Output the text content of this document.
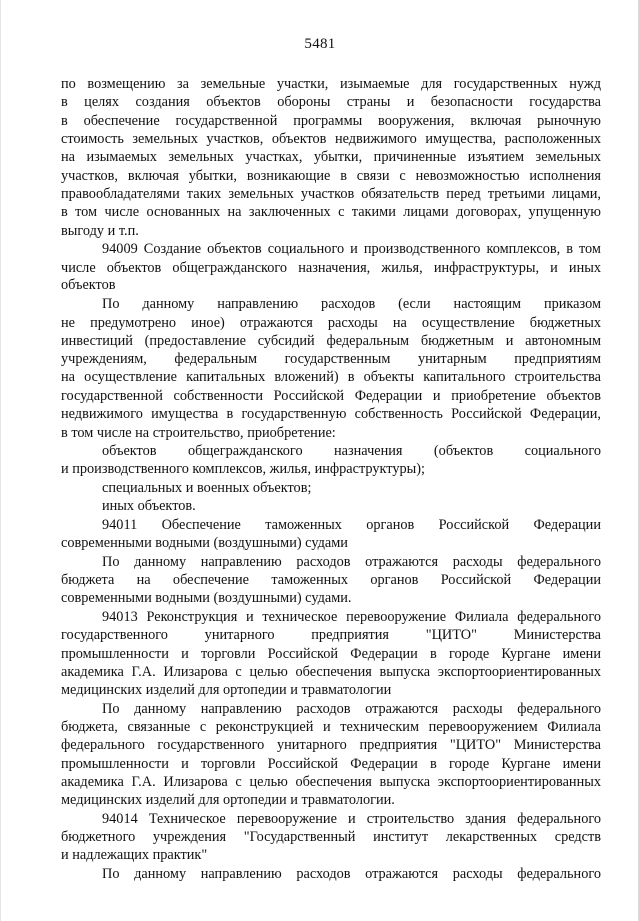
5481
по возмещению за земельные участки, изымаемые для государственных нужд
в целях создания объектов обороны страны и безопасности государства
в обеспечение государственной программы вооружения, включая рыночную
стоимость земельных участков, объектов недвижимого имущества, расположенных
на изымаемых земельных участках, убытки, причиненные изъятием земельных
участков, включая убытки, возникающие в связи с невозможностью исполнения
правообладателями таких земельных участков обязательств перед третьими лицами,
в том числе основанных на заключенных с такими лицами договорах, упущенную
выгоду и т.п.
94009 Создание объектов социального и производственного комплексов, в том
числе объектов общегражданского назначения, жилья, инфраструктуры, и иных
объектов
По данному направлению расходов (если настоящим приказом
не предумотрено иное) отражаются расходы на осуществление бюджетных
инвестиций (предоставление субсидий федеральным бюджетным и автономным
учреждениям, федеральным государственным унитарным предприятиям
на осуществление капитальных вложений) в объекты капитального строительства
государственной собственности Российской Федерации и приобретение объектов
недвижимого имущества в государственную собственность Российской Федерации,
в том числе на строительство, приобретение:
объектов общегражданского назначения (объектов социального
и производственного комплексов, жилья, инфраструктуры);
специальных и военных объектов;
иных объектов.
94011 Обеспечение таможенных органов Российской Федерации
современными водными (воздушными) судами
По данному направлению расходов отражаются расходы федерального
бюджета на обеспечение таможенных органов Российской Федерации
современными водными (воздушными) судами.
94013 Реконструкция и техническое перевооружение Филиала федерального
государственного унитарного предприятия "ЦИТО" Министерства
промышленности и торговли Российской Федерации в городе Кургане имени
академика Г.А. Илизарова с целью обеспечения выпуска экспортоориентированных
медицинских изделий для ортопедии и травматологии
По данному направлению расходов отражаются расходы федерального
бюджета, связанные с реконструкцией и техническим перевооружением Филиала
федерального государственного унитарного предприятия "ЦИТО" Министерства
промышленности и торговли Российской Федерации в городе Кургане имени
академика Г.А. Илизарова с целью обеспечения выпуска экспортоориентированных
медицинских изделий для ортопедии и травматологии.
94014 Техническое перевооружение и строительство здания федерального
бюджетного учреждения "Государственный институт лекарственных средств
и надлежащих практик"
По данному направлению расходов отражаются расходы федерального
